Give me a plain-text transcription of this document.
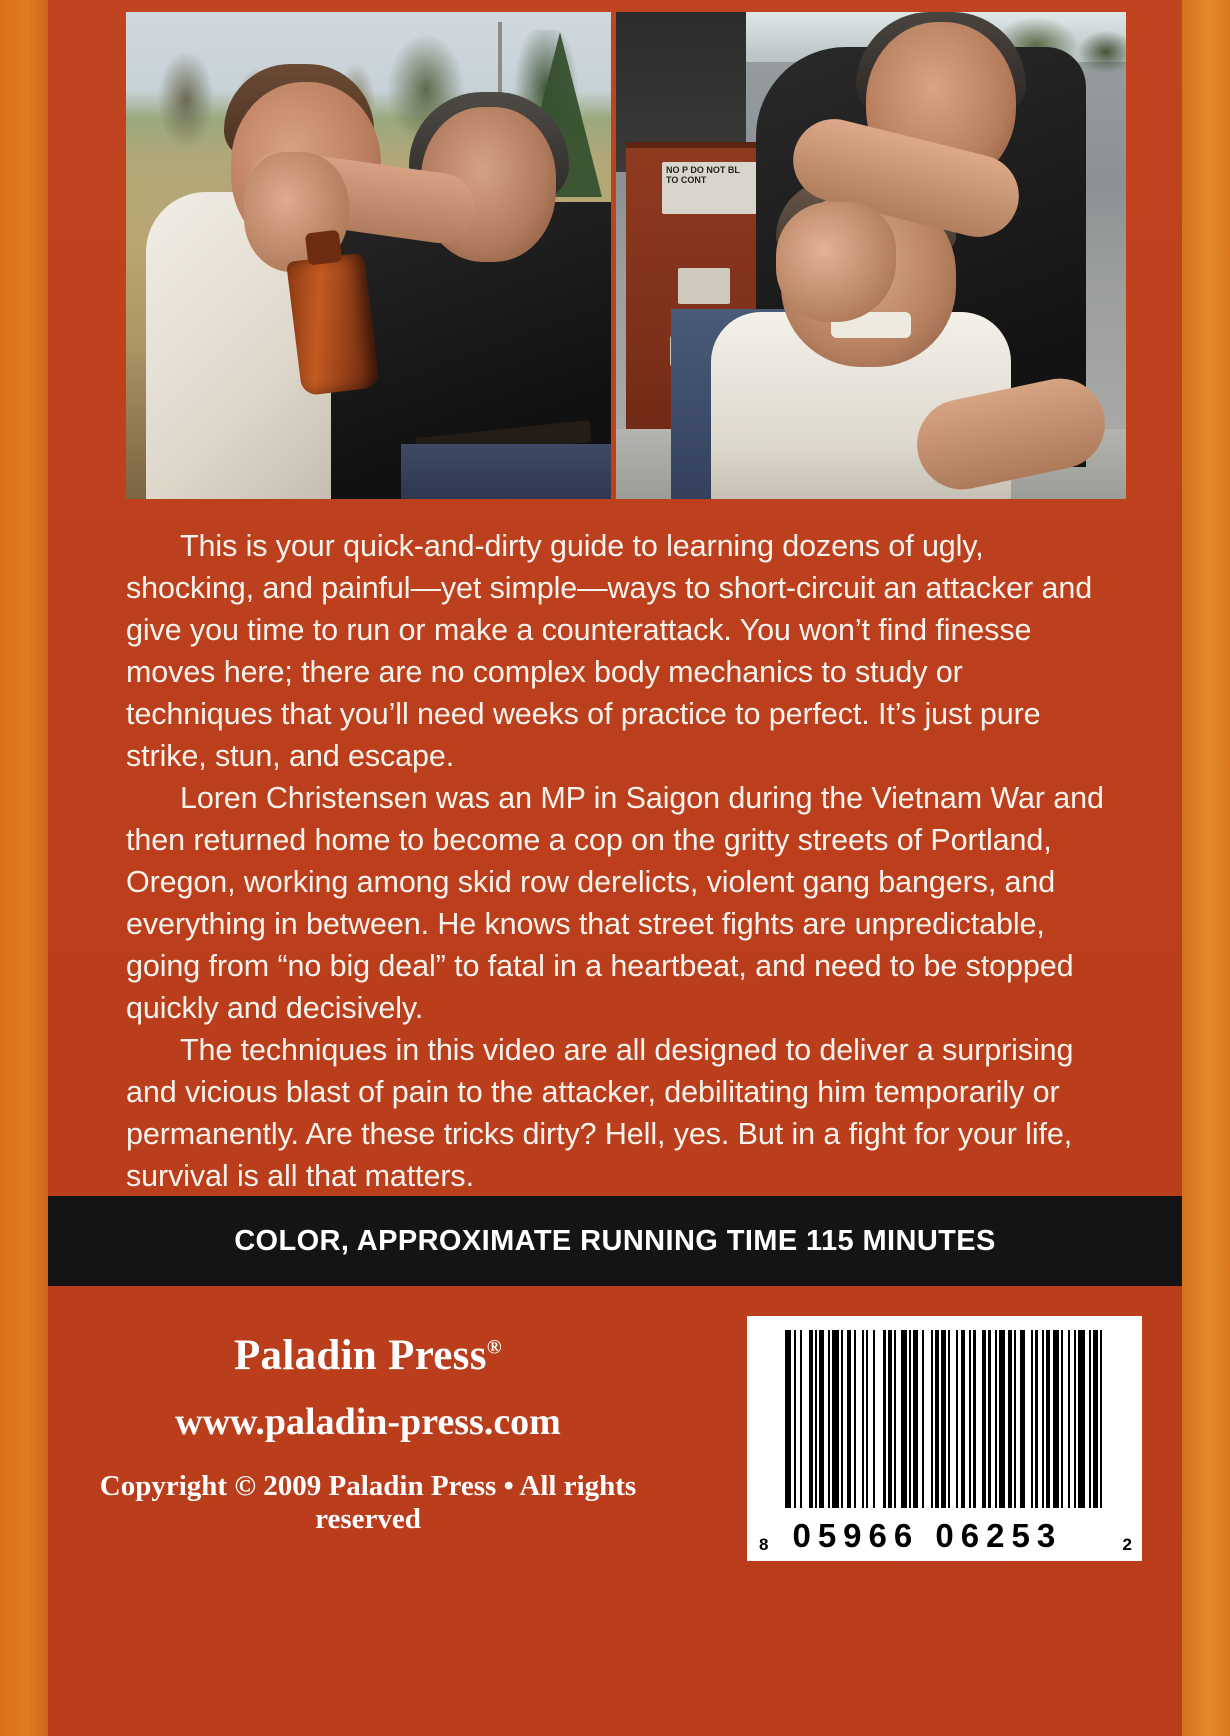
NO P DO NOT BL TO CONT

This is your quick-and-dirty guide to learning dozens of ugly, shocking, and painful—yet simple—ways to short-circuit an attacker and give you time to run or make a counterattack. You won’t find finesse moves here; there are no complex body mechanics to study or techniques that you’ll need weeks of practice to perfect. It’s just pure strike, stun, and escape.

Loren Christensen was an MP in Saigon during the Vietnam War and then returned home to become a cop on the gritty streets of Portland, Oregon, working among skid row derelicts, violent gang bangers, and everything in between. He knows that street fights are unpredictable, going from “no big deal” to fatal in a heartbeat, and need to be stopped quickly and decisively.

The techniques in this video are all designed to deliver a surprising and vicious blast of pain to the attacker, debilitating him temporarily or permanently. Are these tricks dirty? Hell, yes. But in a fight for your life, survival is all that matters.

COLOR, APPROXIMATE RUNNING TIME 115 MINUTES
Paladin Press®
www.paladin-press.com
Copyright © 2009 Paladin Press • All rights reserved
8 05966 06253	2
